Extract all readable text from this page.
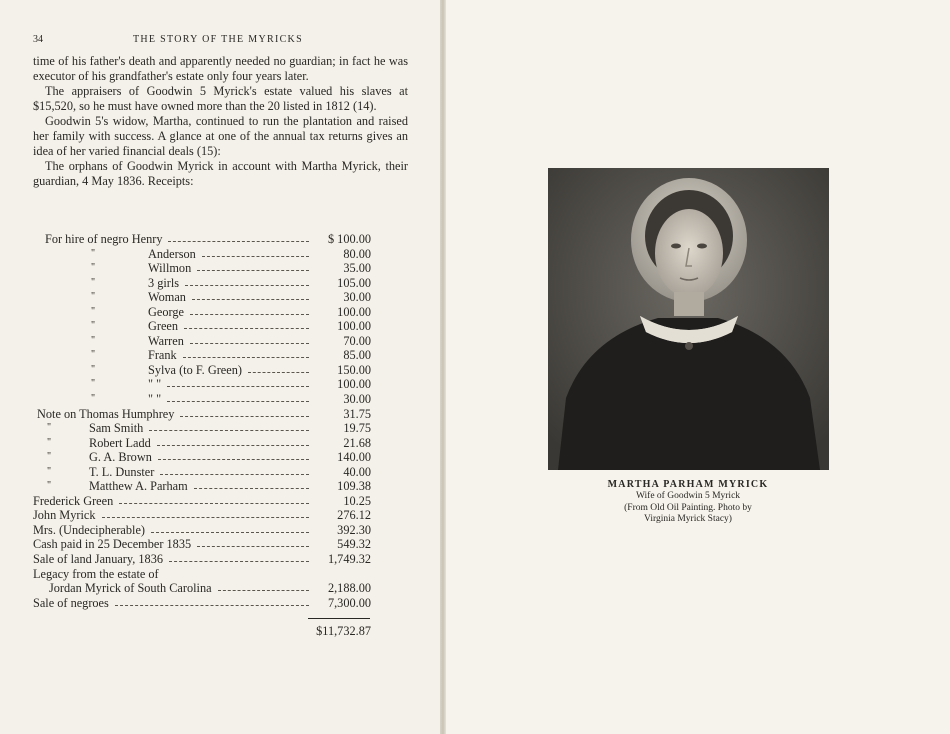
34	THE STORY OF THE MYRICKS

time of his father's death and apparently needed no guardian; in fact he was executor of his grandfather's estate only four years later.

The appraisers of Goodwin 5 Myrick's estate valued his slaves at $15,520, so he must have owned more than the 20 listed in 1812 (14).

Goodwin 5's widow, Martha, continued to run the plantation and raised her family with success. A glance at one of the annual tax returns gives an idea of her varied financial deals (15):

The orphans of Goodwin Myrick in account with Martha Myrick, their guardian, 4 May 1836. Receipts:

For hire of negro Henry	$ 100.00
"	Anderson	80.00
"	Willmon	35.00
"	3 girls	105.00
"	Woman	30.00
"	George	100.00
"	Green	100.00
"	Warren	70.00
"	Frank	85.00
"	Sylva (to F. Green)	150.00
"	" "	100.00
"	" "	30.00
Note on Thomas Humphrey	31.75
"	Sam Smith	19.75
"	Robert Ladd	21.68
"	G. A. Brown	140.00
"	T. L. Dunster	40.00
"	Matthew A. Parham	109.38
Frederick Green	10.25
John Myrick	276.12
Mrs. (Undecipherable)	392.30
Cash paid in 25 December 1835	549.32
Sale of land January, 1836	1,749.32
Legacy from the estate of
Jordan Myrick of South Carolina	2,188.00
Sale of negroes	7,300.00
$11,732.87
MARTHA PARHAM MYRICK
Wife of Goodwin 5 Myrick
(From Old Oil Painting. Photo by
Virginia Myrick Stacy)
